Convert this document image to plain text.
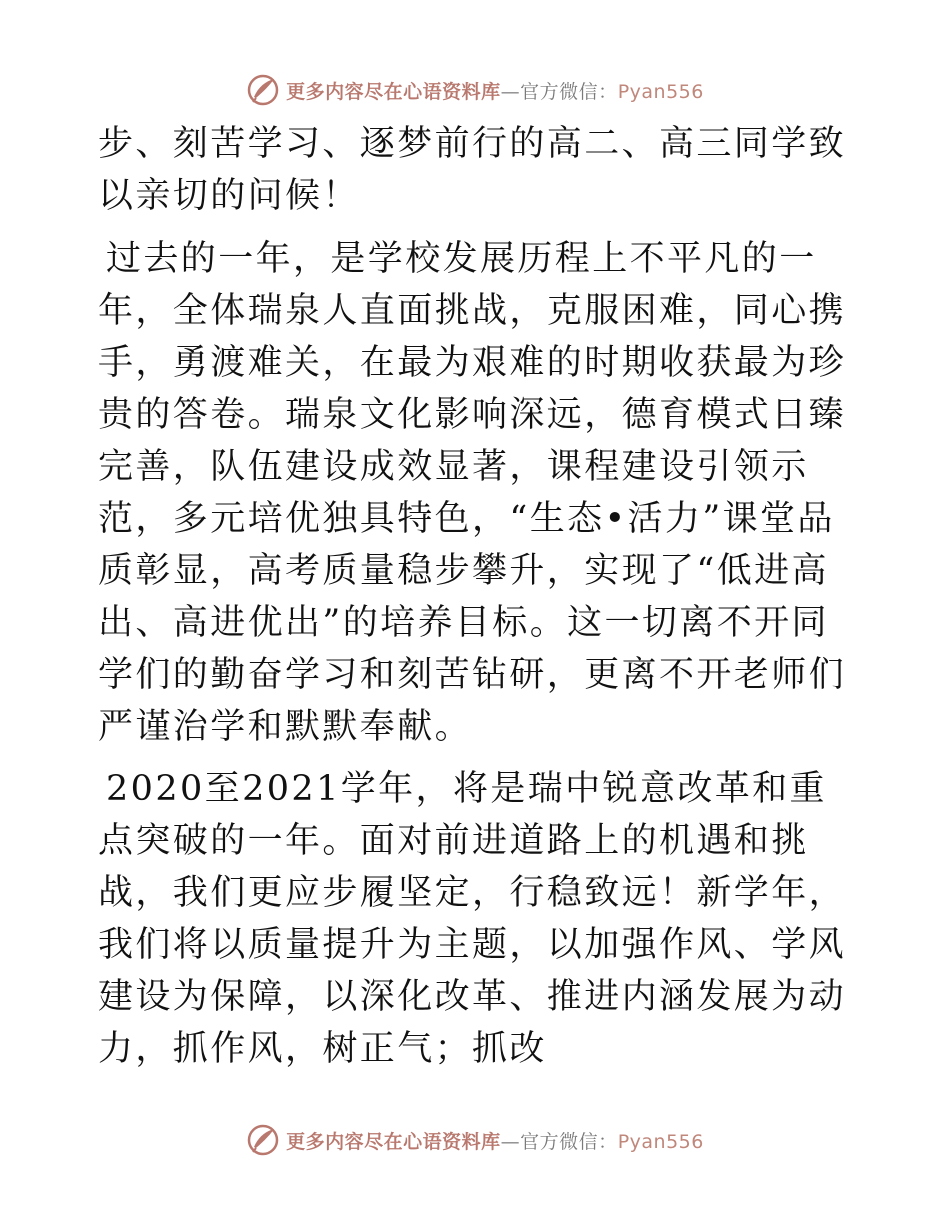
更多内容尽在心语资料库—官方微信：Pyan556

步、刻苦学习、逐梦前行的高二、高三同学致以亲切的问候！

过去的一年，是学校发展历程上不平凡的一年，全体瑞泉人直面挑战，克服困难，同心携手，勇渡难关，在最为艰难的时期收获最为珍贵的答卷。瑞泉文化影响深远，德育模式日臻完善，队伍建设成效显著，课程建设引领示范，多元培优独具特色，“生态•活力”课堂品质彰显，高考质量稳步攀升，实现了“低进高出、高进优出”的培养目标。这一切离不开同学们的勤奋学习和刻苦钻研，更离不开老师们严谨治学和默默奉献。

2020至2021学年，将是瑞中锐意改革和重点突破的一年。面对前进道路上的机遇和挑战，我们更应步履坚定，行稳致远！新学年，我们将以质量提升为主题，以加强作风、学风建设为保障，以深化改革、推进内涵发展为动力，抓作风，树正气；抓改

更多内容尽在心语资料库—官方微信：Pyan556
